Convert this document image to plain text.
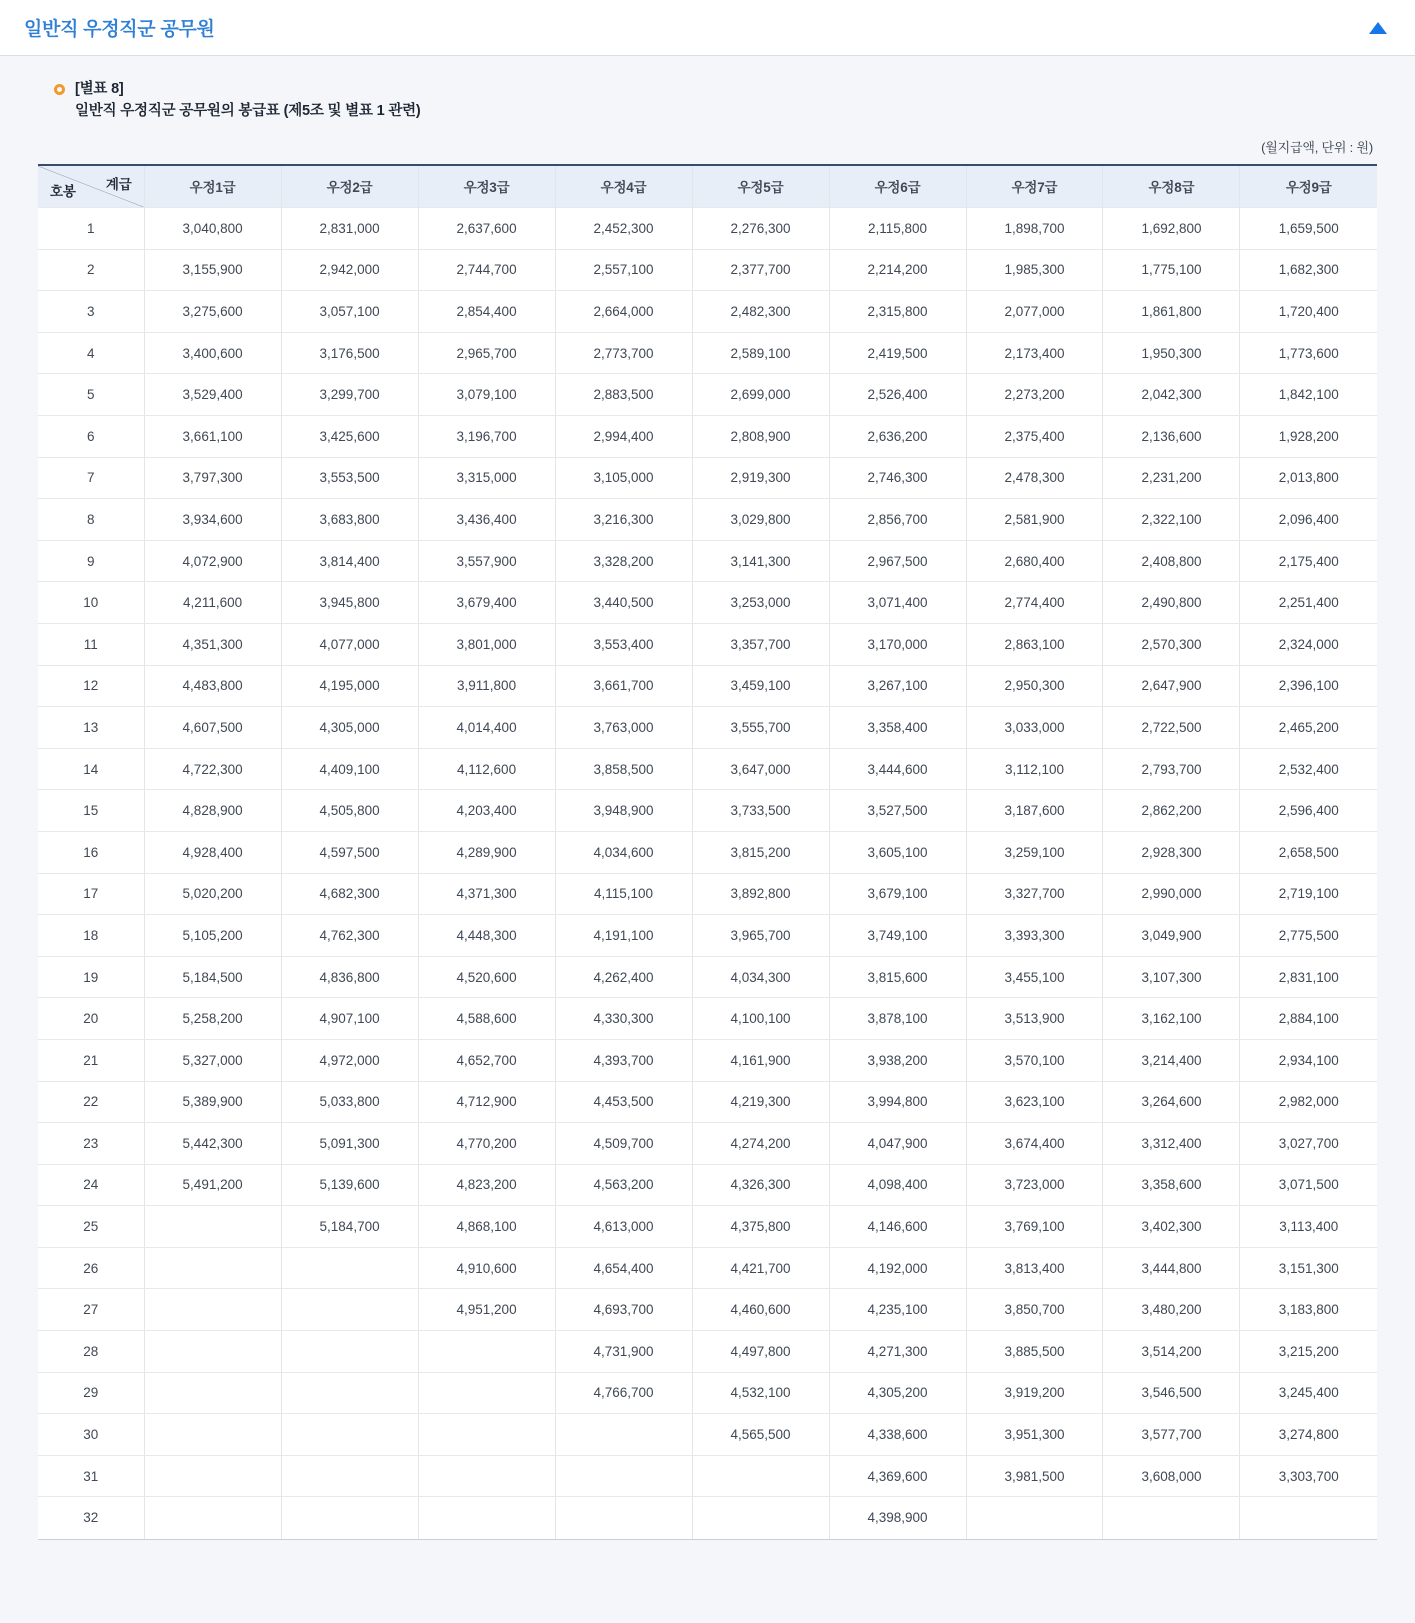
일반직 우정직군 공무원
[별표 8]
일반직 우정직군 공무원의 봉급표 (제5조 및 별표 1 관련)
(월지급액, 단위 : 원)
계급
호봉	우정1급	우정2급	우정3급	우정4급	우정5급	우정6급	우정7급	우정8급	우정9급
1	3,040,800	2,831,000	2,637,600	2,452,300	2,276,300	2,115,800	1,898,700	1,692,800	1,659,500
2	3,155,900	2,942,000	2,744,700	2,557,100	2,377,700	2,214,200	1,985,300	1,775,100	1,682,300
3	3,275,600	3,057,100	2,854,400	2,664,000	2,482,300	2,315,800	2,077,000	1,861,800	1,720,400
4	3,400,600	3,176,500	2,965,700	2,773,700	2,589,100	2,419,500	2,173,400	1,950,300	1,773,600
5	3,529,400	3,299,700	3,079,100	2,883,500	2,699,000	2,526,400	2,273,200	2,042,300	1,842,100
6	3,661,100	3,425,600	3,196,700	2,994,400	2,808,900	2,636,200	2,375,400	2,136,600	1,928,200
7	3,797,300	3,553,500	3,315,000	3,105,000	2,919,300	2,746,300	2,478,300	2,231,200	2,013,800
8	3,934,600	3,683,800	3,436,400	3,216,300	3,029,800	2,856,700	2,581,900	2,322,100	2,096,400
9	4,072,900	3,814,400	3,557,900	3,328,200	3,141,300	2,967,500	2,680,400	2,408,800	2,175,400
10	4,211,600	3,945,800	3,679,400	3,440,500	3,253,000	3,071,400	2,774,400	2,490,800	2,251,400
11	4,351,300	4,077,000	3,801,000	3,553,400	3,357,700	3,170,000	2,863,100	2,570,300	2,324,000
12	4,483,800	4,195,000	3,911,800	3,661,700	3,459,100	3,267,100	2,950,300	2,647,900	2,396,100
13	4,607,500	4,305,000	4,014,400	3,763,000	3,555,700	3,358,400	3,033,000	2,722,500	2,465,200
14	4,722,300	4,409,100	4,112,600	3,858,500	3,647,000	3,444,600	3,112,100	2,793,700	2,532,400
15	4,828,900	4,505,800	4,203,400	3,948,900	3,733,500	3,527,500	3,187,600	2,862,200	2,596,400
16	4,928,400	4,597,500	4,289,900	4,034,600	3,815,200	3,605,100	3,259,100	2,928,300	2,658,500
17	5,020,200	4,682,300	4,371,300	4,115,100	3,892,800	3,679,100	3,327,700	2,990,000	2,719,100
18	5,105,200	4,762,300	4,448,300	4,191,100	3,965,700	3,749,100	3,393,300	3,049,900	2,775,500
19	5,184,500	4,836,800	4,520,600	4,262,400	4,034,300	3,815,600	3,455,100	3,107,300	2,831,100
20	5,258,200	4,907,100	4,588,600	4,330,300	4,100,100	3,878,100	3,513,900	3,162,100	2,884,100
21	5,327,000	4,972,000	4,652,700	4,393,700	4,161,900	3,938,200	3,570,100	3,214,400	2,934,100
22	5,389,900	5,033,800	4,712,900	4,453,500	4,219,300	3,994,800	3,623,100	3,264,600	2,982,000
23	5,442,300	5,091,300	4,770,200	4,509,700	4,274,200	4,047,900	3,674,400	3,312,400	3,027,700
24	5,491,200	5,139,600	4,823,200	4,563,200	4,326,300	4,098,400	3,723,000	3,358,600	3,071,500
25		5,184,700	4,868,100	4,613,000	4,375,800	4,146,600	3,769,100	3,402,300	3,113,400
26			4,910,600	4,654,400	4,421,700	4,192,000	3,813,400	3,444,800	3,151,300
27			4,951,200	4,693,700	4,460,600	4,235,100	3,850,700	3,480,200	3,183,800
28				4,731,900	4,497,800	4,271,300	3,885,500	3,514,200	3,215,200
29				4,766,700	4,532,100	4,305,200	3,919,200	3,546,500	3,245,400
30					4,565,500	4,338,600	3,951,300	3,577,700	3,274,800
31						4,369,600	3,981,500	3,608,000	3,303,700
32						4,398,900			
